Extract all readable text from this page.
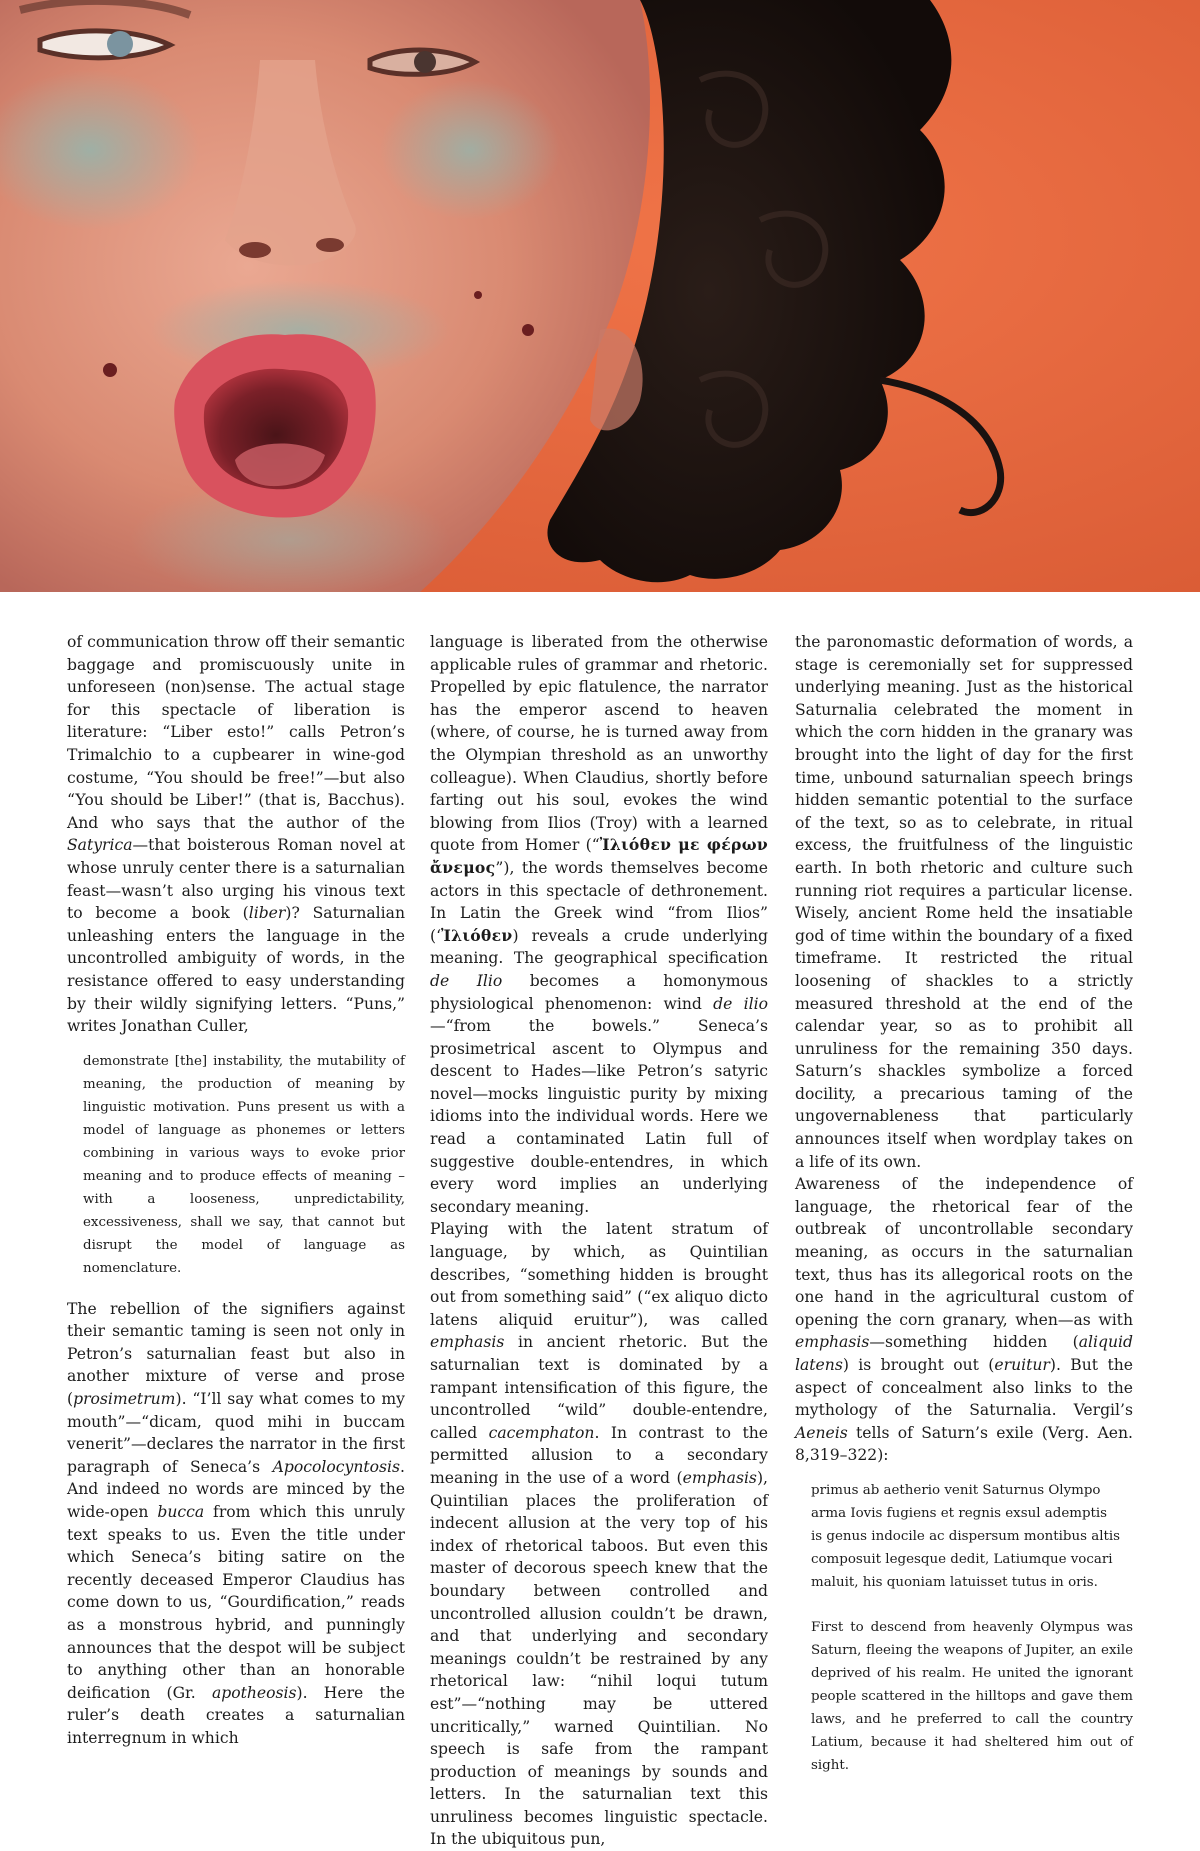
of communication throw off their semantic baggage and promiscuously unite in unforeseen (non)sense. The actual stage for this spectacle of liberation is literature: “Liber esto!” calls Petron’s Trimalchio to a cupbearer in wine-god costume, “You should be free!”—but also “You should be Liber!” (that is, Bacchus). And who says that the author of the Satyrica—that boisterous Roman novel at whose unruly center there is a saturnalian feast—wasn’t also urging his vinous text to become a book (liber)? Saturnalian unleashing enters the language in the uncontrolled ambiguity of words, in the resistance offered to easy understanding by their wildly signifying letters. “Puns,” writes Jonathan Culler,

demonstrate [the] instability, the mutability of meaning, the production of meaning by linguistic motivation. Puns present us with a model of language as phonemes or letters combining in various ways to evoke prior meaning and to produce effects of meaning – with a looseness, unpredictability, excessiveness, shall we say, that cannot but disrupt the model of language as nomenclature.

The rebellion of the signifiers against their semantic taming is seen not only in Petron’s saturnalian feast but also in another mixture of verse and prose (prosimetrum). “I’ll say what comes to my mouth”—“dicam, quod mihi in buccam venerit”—declares the narrator in the first paragraph of Seneca’s Apocolocyntosis. And indeed no words are minced by the wide-open bucca from which this unruly text speaks to us. Even the title under which Seneca’s biting satire on the recently deceased Emperor Claudius has come down to us, “Gourdification,” reads as a monstrous hybrid, and punningly announces that the despot will be subject to anything other than an honorable deification (Gr. apotheosis). Here the ruler’s death creates a saturnalian interregnum in which

language is liberated from the otherwise applicable rules of grammar and rhetoric. Propelled by epic flatulence, the narrator has the emperor ascend to heaven (where, of course, he is turned away from the Olympian threshold as an unworthy colleague). When Claudius, shortly before farting out his soul, evokes the wind blowing from Ilios (Troy) with a learned quote from Homer (“Ἰλιόθεν με φέρων ἄνεμος”), the words themselves become actors in this spectacle of dethronement. In Latin the Greek wind “from Ilios” (‘Ἰλιόθεν) reveals a crude underlying meaning. The geographical specification de Ilio becomes a homonymous physiological phenomenon: wind de ilio—“from the bowels.” Seneca’s prosimetrical ascent to Olympus and descent to Hades—like Petron’s satyric novel—mocks linguistic purity by mixing idioms into the individual words. Here we read a contaminated Latin full of suggestive double-entendres, in which every word implies an underlying secondary meaning.

Playing with the latent stratum of language, by which, as Quintilian describes, “something hidden is brought out from something said” (“ex aliquo dicto latens aliquid eruitur”), was called emphasis in ancient rhetoric. But the saturnalian text is dominated by a rampant intensification of this figure, the uncontrolled “wild” double-entendre, called cacemphaton. In contrast to the permitted allusion to a secondary meaning in the use of a word (emphasis), Quintilian places the proliferation of indecent allusion at the very top of his index of rhetorical taboos. But even this master of decorous speech knew that the boundary between controlled and uncontrolled allusion couldn’t be drawn, and that underlying and secondary meanings couldn’t be restrained by any rhetorical law: “nihil loqui tutum est”—“nothing may be uttered uncritically,” warned Quintilian. No speech is safe from the rampant production of meanings by sounds and letters. In the saturnalian text this unruliness becomes linguistic spectacle. In the ubiquitous pun,

the paronomastic deformation of words, a stage is ceremonially set for suppressed underlying meaning. Just as the historical Saturnalia celebrated the moment in which the corn hidden in the granary was brought into the light of day for the first time, unbound saturnalian speech brings hidden semantic potential to the surface of the text, so as to celebrate, in ritual excess, the fruitfulness of the linguistic earth. In both rhetoric and culture such running riot requires a particular license. Wisely, ancient Rome held the insatiable god of time within the boundary of a fixed timeframe. It restricted the ritual loosening of shackles to a strictly measured threshold at the end of the calendar year, so as to prohibit all unruliness for the remaining 350 days. Saturn’s shackles symbolize a forced docility, a precarious taming of the ungovernableness that particularly announces itself when wordplay takes on a life of its own.

Awareness of the independence of language, the rhetorical fear of the outbreak of uncontrollable secondary meaning, as occurs in the saturnalian text, thus has its allegorical roots on the one hand in the agricultural custom of opening the corn granary, when—as with emphasis—something hidden (aliquid latens) is brought out (eruitur). But the aspect of concealment also links to the mythology of the Saturnalia. Vergil’s Aeneis tells of Saturn’s exile (Verg. Aen. 8,319–322):

primus ab aetherio venit Saturnus Olympo

arma Iovis fugiens et regnis exsul ademptis

is genus indocile ac dispersum montibus altis

composuit legesque dedit, Latiumque vocari

maluit, his quoniam latuisset tutus in oris.

First to descend from heavenly Olympus was Saturn, fleeing the weapons of Jupiter, an exile deprived of his realm. He united the ignorant people scattered in the hilltops and gave them laws, and he preferred to call the country Latium, because it had sheltered him out of sight.
